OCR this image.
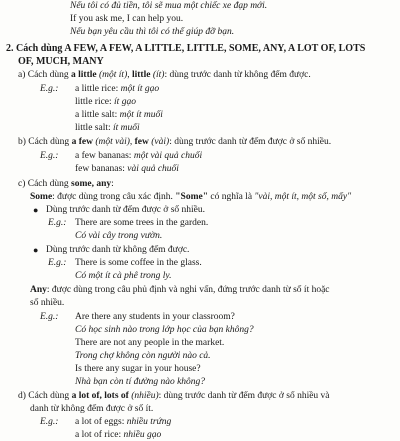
Nếu tôi có đủ tiền, tôi sẽ mua một chiếc xe đạp mới.
If you ask me, I can help you.
Nếu bạn yêu cầu thì tôi có thể giúp đỡ bạn.
2. Cách dùng A FEW, A FEW, A LITTLE, LITTLE, SOME, ANY, A LOT OF, LOTS
OF, MUCH, MANY
a) Cách dùng a little (một ít), little (ít): dùng trước danh từ không đếm được.
E.g.: a little rice: một ít gạo
little rice: ít gạo
a little salt: một ít muối
little salt: ít muối
b) Cách dùng a few (một vài), few (vài): dùng trước danh từ đếm được ở số nhiều.
E.g.: a few bananas: một vài quả chuối
few bananas: vài quả chuối
c) Cách dùng some, any:
Some: được dùng trong câu xác định. "Some" có nghĩa là "vài, một ít, một số, mấy"
● Dùng trước danh từ đếm được ở số nhiều.
E.g.: There are some trees in the garden.
Có vài cây trong vườn.
● Dùng trước danh từ không đếm được.
E.g.: There is some coffee in the glass.
Có một ít cà phê trong ly.
Any: được dùng trong câu phủ định và nghi vấn, đứng trước danh từ số ít hoặc
số nhiều.
E.g.: Are there any students in your classroom?
Có học sinh nào trong lớp học của bạn không?
There are not any people in the market.
Trong chợ không còn người nào cả.
Is there any sugar in your house?
Nhà bạn còn tí đường nào không?
d) Cách dùng a lot of, lots of (nhiều): dùng trước danh từ đếm được ở số nhiều và
danh từ không đếm được ở số ít.
E.g.: a lot of eggs: nhiều trứng
a lot of rice: nhiều gạo
